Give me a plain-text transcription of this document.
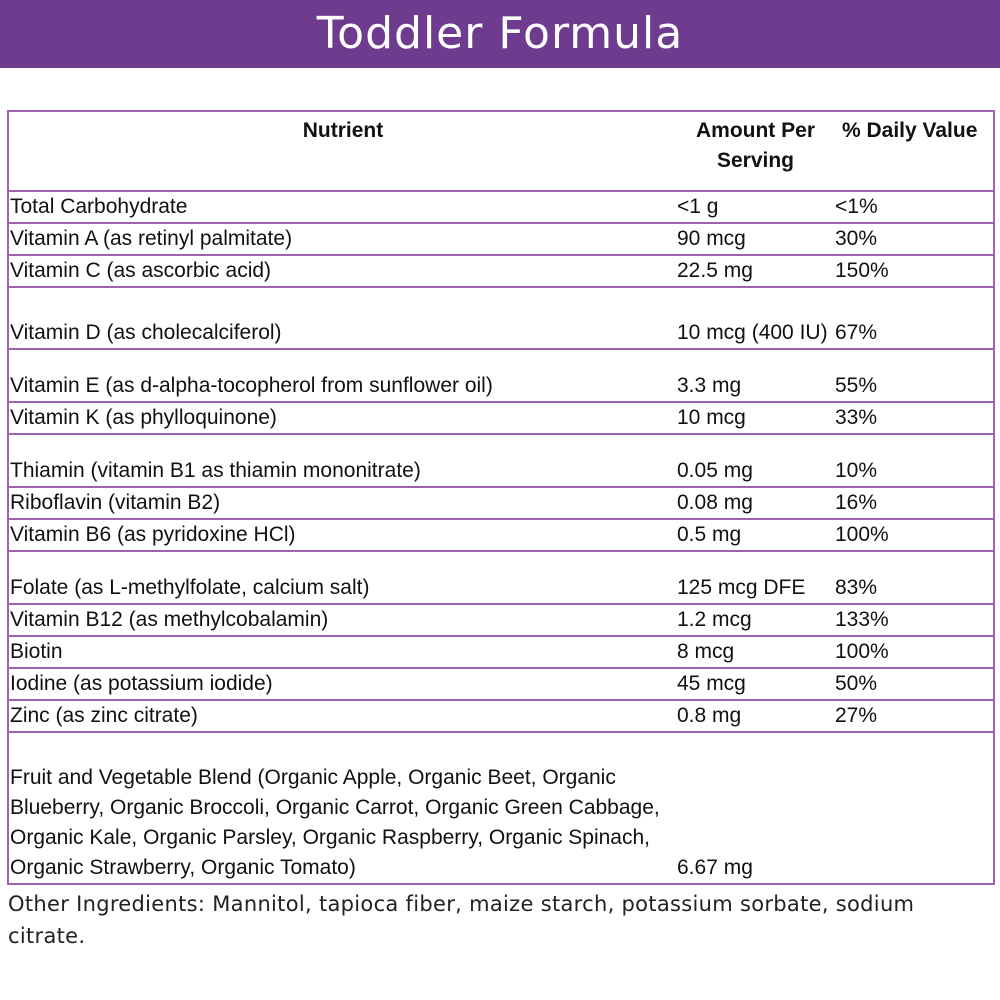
Toddler Formula
Nutrient	Amount Per Serving	% Daily Value
Total Carbohydrate	<1 g	<1%
Vitamin A (as retinyl palmitate)	90 mcg	30%
Vitamin C (as ascorbic acid)	22.5 mg	150%
Vitamin D (as cholecalciferol)	10 mcg (400 IU)	67%
Vitamin E (as d-alpha-tocopherol from sunflower oil)	3.3 mg	55%
Vitamin K (as phylloquinone)	10 mcg	33%
Thiamin (vitamin B1 as thiamin mononitrate)	0.05 mg	10%
Riboflavin (vitamin B2)	0.08 mg	16%
Vitamin B6 (as pyridoxine HCl)	0.5 mg	100%
Folate (as L-methylfolate, calcium salt)	125 mcg DFE	83%
Vitamin B12 (as methylcobalamin)	1.2 mcg	133%
Biotin	8 mcg	100%
Iodine (as potassium iodide)	45 mcg	50%
Zinc (as zinc citrate)	0.8 mg	27%
Fruit and Vegetable Blend (Organic Apple, Organic Beet, Organic Blueberry, Organic Broccoli, Organic Carrot, Organic Green Cabbage, Organic Kale, Organic Parsley, Organic Raspberry, Organic Spinach, Organic Strawberry, Organic Tomato)	6.67 mg	
Other Ingredients: Mannitol, tapioca fiber, maize starch, potassium sorbate, sodium citrate.
